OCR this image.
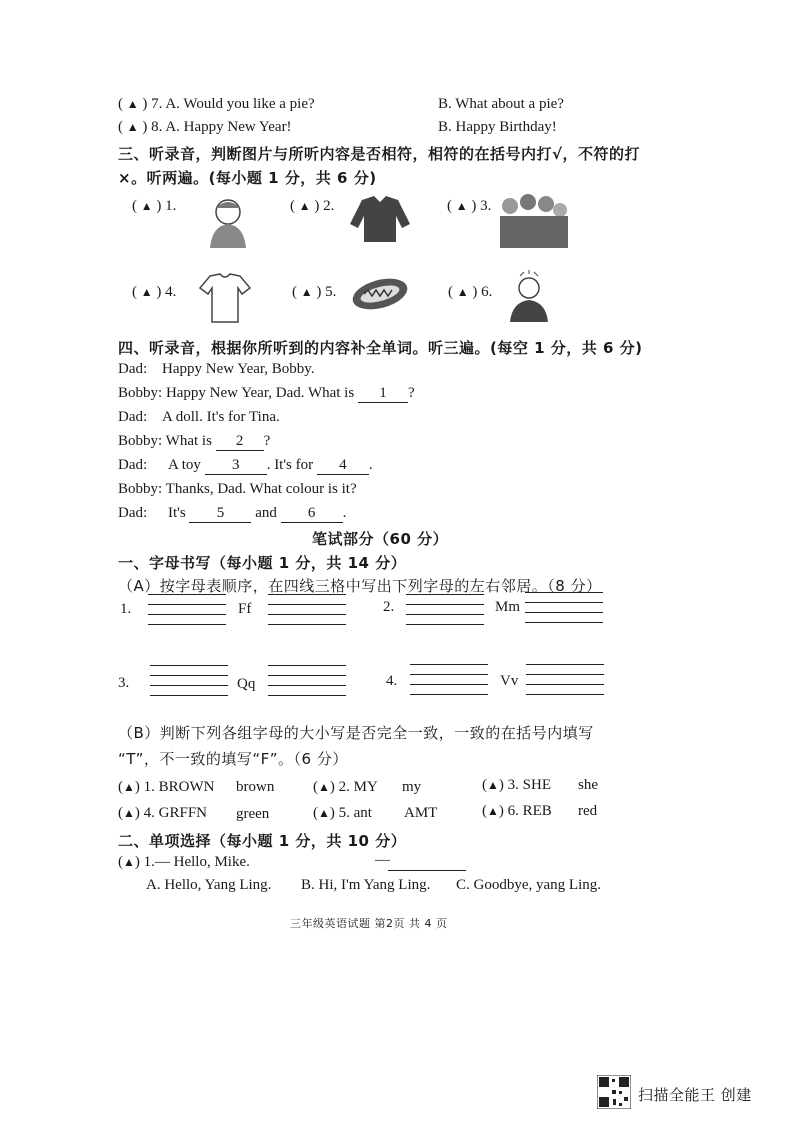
( ▲ ) 7. A. Would you like a pie?	B. What about a pie?
( ▲ ) 8. A. Happy New Year!	B. Happy Birthday!
三、听录音，判断图片与所听内容是否相符，相符的在括号内打√，不符的打
×。听两遍。(每小题 1 分，共 6 分)
( ▲ ) 1.	( ▲ ) 2.	( ▲ ) 3.
( ▲ ) 4.	( ▲ ) 5.	( ▲ ) 6.
四、听录音，根据你所听到的内容补全单词。听三遍。(每空 1 分，共 6 分)
Dad: Happy New Year, Bobby.
Bobby: Happy New Year, Dad. What is 1 ?
Dad: A doll. It's for Tina.
Bobby: What is 2 ?
Dad: A toy 3 . It's for 4 .
Bobby: Thanks, Dad. What colour is it?
Dad: It's 5 and 6 .
笔试部分（60 分）
一、字母书写（每小题 1 分，共 14 分）
（A）按字母表顺序，在四线三格中写出下列字母的左右邻居。（8 分）
1.	Ff	2.	Mm
3.	Qq	4.	Vv
（B）判断下列各组字母的大小写是否完全一致，一致的在括号内填写
“T”，不一致的填写“F”。（6 分）
(▲) 1. BROWN brown	(▲) 2. MY my	(▲) 3. SHE she
(▲) 4. GRFFN green	(▲) 5. ant AMT	(▲) 6. REB red
二、单项选择（每小题 1 分，共 10 分）
(▲) 1.— Hello, Mike.	—
A. Hello, Yang Ling. B. Hi, I'm Yang Ling. C. Goodbye, yang Ling.
三年级英语试题 第2页 共 4 页
扫描全能王 创建
